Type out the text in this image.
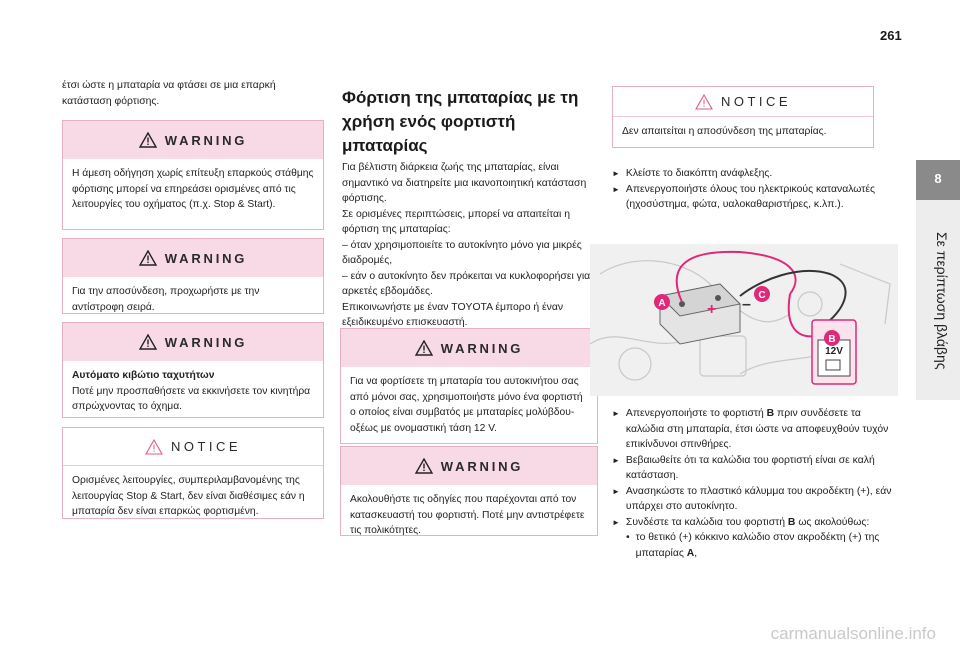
261
8
Σε περίπτωση βλάβης
έτσι ώστε η μπαταρία να φτάσει σε μια επαρκή κατάσταση φόρτισης.
WARNING
Η άμεση οδήγηση χωρίς επίτευξη επαρκούς στάθμης φόρτισης μπορεί να επηρεάσει ορισμένες από τις λειτουργίες του οχήματος (π.χ. Stop & Start).
WARNING
Για την αποσύνδεση, προχωρήστε με την αντίστροφη σειρά.
WARNING
Αυτόματο κιβώτιο ταχυτήτων
Ποτέ μην προσπαθήσετε να εκκινήσετε τον κινητήρα σπρώχνοντας το όχημα.
NOTICE
Ορισμένες λειτουργίες, συμπεριλαμβανομένης της λειτουργίας Stop & Start, δεν είναι διαθέσιμες εάν η μπαταρία δεν είναι επαρκώς φορτισμένη.
Φόρτιση της μπαταρίας με τη χρήση ενός φορτιστή μπαταρίας
Για βέλτιστη διάρκεια ζωής της μπαταρίας, είναι σημαντικό να διατηρείτε μια ικανοποιητική κατάσταση φόρτισης.
Σε ορισμένες περιπτώσεις, μπορεί να απαιτείται η φόρτιση της μπαταρίας:
– όταν χρησιμοποιείτε το αυτοκίνητο μόνο για μικρές διαδρομές,
– εάν ο αυτοκίνητο δεν πρόκειται να κυκλοφορήσει για αρκετές εβδομάδες.
Επικοινωνήστε με έναν TOYOTA έμπορο ή έναν εξειδικευμένο επισκευαστή.
WARNING
Για να φορτίσετε τη μπαταρία του αυτοκινήτου σας από μόνοι σας, χρησιμοποιήστε μόνο ένα φορτιστή ο οποίος είναι συμβατός με μπαταρίες μολύβδου-οξέως με ονομαστική τάση 12 V.
WARNING
Ακολουθήστε τις οδηγίες που παρέχονται από τον κατασκευαστή του φορτιστή. Ποτέ μην αντιστρέφετε τις πολικότητες.
NOTICE
Δεν απαιτείται η αποσύνδεση της μπαταρίας.
► Κλείστε το διακόπτη ανάφλεξης.
► Απενεργοποιήστε όλους του ηλεκτρικούς καταναλωτές (ηχοσύστημα, φώτα, υαλοκαθαριστήρες, κ.λπ.).
12V
+ –
A
C
B
► Απενεργοποιήστε το φορτιστή B πριν συνδέσετε τα καλώδια στη μπαταρία, έτσι ώστε να αποφευχθούν τυχόν επικίνδυνοι σπινθήρες.
► Βεβαιωθείτε ότι τα καλώδια του φορτιστή είναι σε καλή κατάσταση.
► Ανασηκώστε το πλαστικό κάλυμμα του ακροδέκτη (+), εάν υπάρχει στο αυτοκίνητο.
► Συνδέστε τα καλώδια του φορτιστή B ως ακολούθως:
• το θετικό (+) κόκκινο καλώδιο στον ακροδέκτη (+) της μπαταρίας A,
carmanualsonline.info
